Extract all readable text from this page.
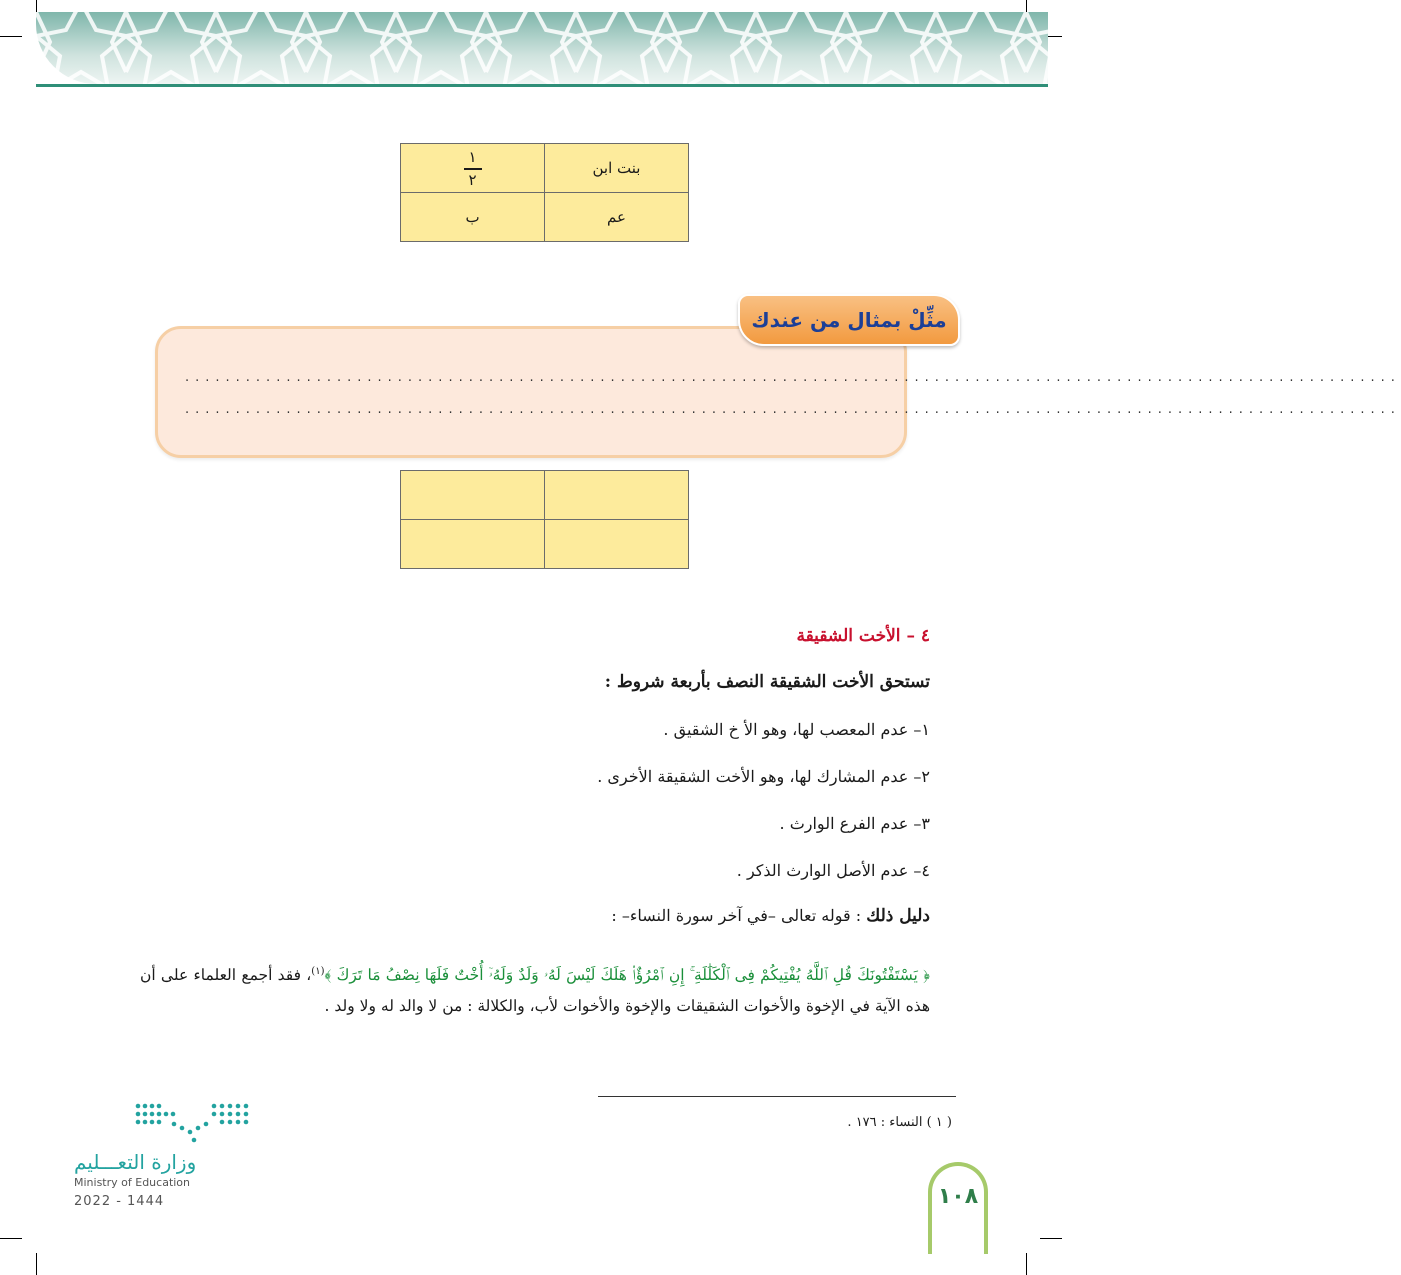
$\frac{١}{٢}$	بنت ابن
ب	عم
........................................................................................................................
........................................................................................................................
مثِّلْ بمثال من عندك

٤ – الأخت الشقيقة
تستحق الأخت الشقيقة النصف بأربعة شروط :
١– عدم المعصب لها، وهو الأ خ الشقيق .
٢– عدم المشارك لها، وهو الأخت الشقيقة الأخرى .
٣– عدم الفرع الوارث .
٤– عدم الأصل الوارث الذكر .
دليل ذلك : قوله تعالى –في آخر سورة النساء– :
﴿ يَسْتَفْتُونَكَ قُلِ ٱللَّهُ يُفْتِيكُمْ فِى ٱلْكَلَٰلَةِ ۚ إِنِ ٱمْرُؤٌا۟ هَلَكَ لَيْسَ لَهُۥ وَلَدٌ وَلَهُۥٓ أُخْتٌ فَلَهَا نِصْفُ مَا تَرَكَ ﴾$^{(١)}$، فقد أجمع العلماء على أن هذه الآية في الإخوة والأخوات الشقيقات والإخوة والأخوات لأب، والكلالة : من لا والد له ولا ولد .
( ١ ) النساء : ١٧٦ .
وزارة التعـــليم
Ministry of Education
2022 - 1444	١٠٨
